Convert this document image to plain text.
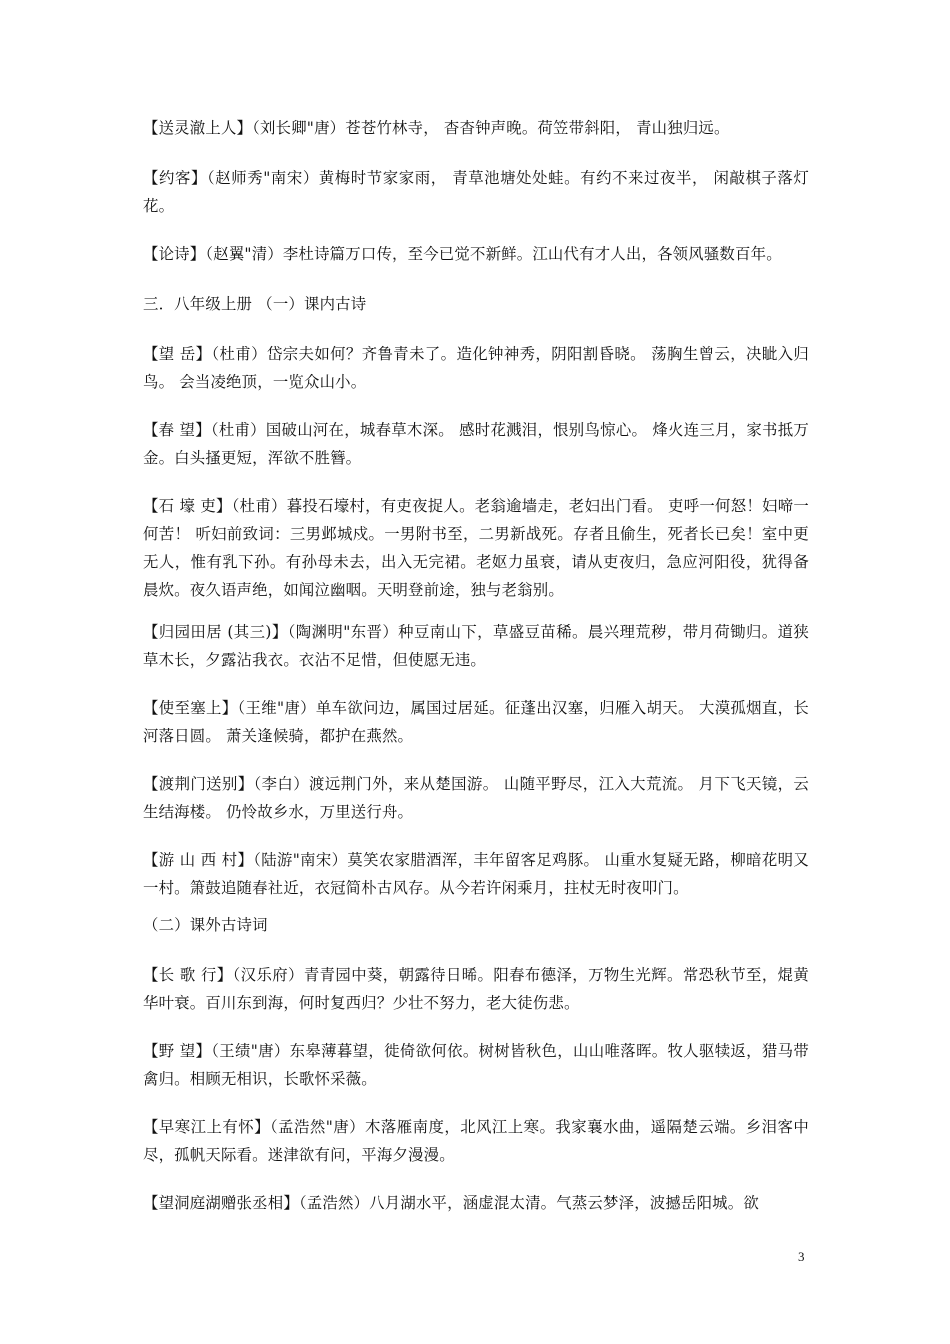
【送灵澈上人】（刘长卿"唐）苍苍竹林寺， 杳杳钟声晚。荷笠带斜阳， 青山独归远。

【约客】（赵师秀"南宋）黄梅时节家家雨， 青草池塘处处蛙。有约不来过夜半， 闲敲棋子落灯花。

【论诗】（赵翼"清）李杜诗篇万口传，至今已觉不新鲜。江山代有才人出，各领风骚数百年。

三．八年级上册 （一）课内古诗

【望 岳】（杜甫）岱宗夫如何？齐鲁青未了。造化钟神秀，阴阳割昏晓。 荡胸生曾云，决眦入归鸟。 会当凌绝顶，一览众山小。

【春 望】（杜甫）国破山河在，城春草木深。 感时花溅泪，恨别鸟惊心。 烽火连三月，家书抵万金。白头搔更短，浑欲不胜簪。

【石 壕 吏】（杜甫）暮投石壕村，有吏夜捉人。老翁逾墙走，老妇出门看。 吏呼一何怒！妇啼一何苦！ 听妇前致词：三男邺城戍。一男附书至，二男新战死。存者且偷生，死者长已矣！室中更无人，惟有乳下孙。有孙母未去，出入无完裙。老妪力虽衰，请从吏夜归，急应河阳役，犹得备晨炊。夜久语声绝，如闻泣幽咽。天明登前途，独与老翁别。

【归园田居 (其三)】（陶渊明"东晋）种豆南山下，草盛豆苗稀。晨兴理荒秽，带月荷锄归。道狭草木长，夕露沾我衣。衣沾不足惜，但使愿无违。

【使至塞上】（王维"唐）单车欲问边，属国过居延。征蓬出汉塞，归雁入胡天。 大漠孤烟直，长河落日圆。 萧关逢候骑，都护在燕然。

【渡荆门送别】（李白）渡远荆门外，来从楚国游。 山随平野尽，江入大荒流。 月下飞天镜，云生结海楼。 仍怜故乡水，万里送行舟。

【游 山 西 村】（陆游"南宋）莫笑农家腊酒浑，丰年留客足鸡豚。 山重水复疑无路，柳暗花明又一村。箫鼓追随春社近，衣冠简朴古风存。从今若许闲乘月，拄杖无时夜叩门。

（二）课外古诗词

【长 歌 行】（汉乐府）青青园中葵，朝露待日晞。阳春布德泽，万物生光辉。常恐秋节至，焜黄华叶衰。百川东到海，何时复西归？少壮不努力，老大徒伤悲。

【野 望】（王绩"唐）东皋薄暮望，徙倚欲何依。树树皆秋色，山山唯落晖。牧人驱犊返，猎马带禽归。相顾无相识，长歌怀采薇。

【早寒江上有怀】（孟浩然"唐）木落雁南度，北风江上寒。我家襄水曲，遥隔楚云端。乡泪客中尽，孤帆天际看。迷津欲有问，平海夕漫漫。

【望洞庭湖赠张丞相】（孟浩然）八月湖水平，涵虚混太清。气蒸云梦泽，波撼岳阳城。欲

3
